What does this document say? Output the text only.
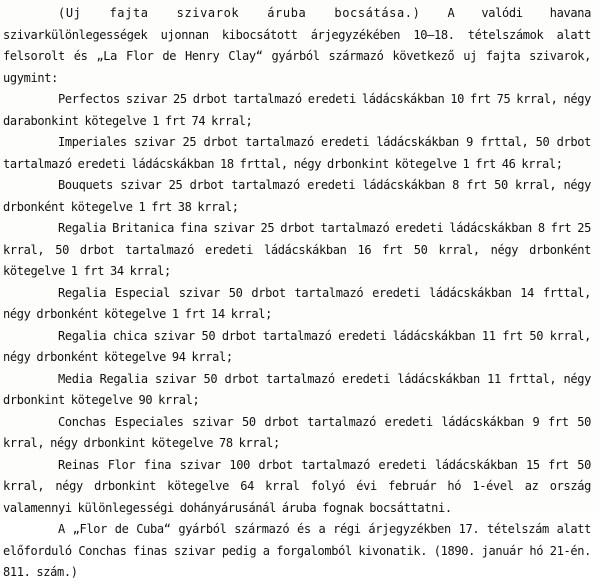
(Uj fajta szivarok áruba bocsátása.) A valódi havana szivarkülönlegességek ujonnan kibocsátott árjegyzékében 10—18. tételszámok alatt felsorolt és „La Flor de Henry Clay“ gyárból származó következő uj fajta szivarok, ugymint:

Perfectos szivar 25 drbot tartalmazó eredeti ládácskákban 10 frt 75 krral, négy darabonkint kötegelve 1 frt 74 krral;

Imperiales szivar 25 drbot tartalmazó eredeti ládácskákban 9 frttal, 50 drbot tartalmazó eredeti ládácskákban 18 frttal, négy drbonkint kötegelve 1 frt 46 krral;

Bouquets szivar 25 drbot tartalmazó eredeti ládácskákban 8 frt 50 krral, négy drbonként kötegelve 1 frt 38 krral;

Regalia Britanica fina szivar 25 drbot tartalmazó eredeti ládácskákban 8 frt 25 krral, 50 drbot tartalmazó eredeti ládácskákban 16 frt 50 krral, négy drbonként kötegelve 1 frt 34 krral;

Regalia Especial szivar 50 drbot tartalmazó eredeti ládácskákban 14 frttal, négy drbonként kötegelve 1 frt 14 krral;

Regalia chica szivar 50 drbot tartalmazó eredeti ládácskákban 11 frt 50 krral, négy drbonként kötegelve 94 krral;

Media Regalia szivar 50 drbot tartalmazó eredeti ládácskákban 11 frttal, négy drbonkint kötegelve 90 krral;

Conchas Especiales szivar 50 drbot tartalmazó eredeti ládácskákban 9 frt 50 krral, négy drbonkint kötegelve 78 krral;

Reinas Flor fina szivar 100 drbot tartalmazó eredeti ládácskákban 15 frt 50 krral, négy drbonkint kötegelve 64 krral folyó évi február hó 1-ével az ország valamennyi különlegességi dohányárusánál áruba fognak bocsáttatni.

A „Flor de Cuba“ gyárból származó és a régi árjegyzékben 17. tételszám alatt előforduló Conchas finas szivar pedig a forgalomból kivonatik. (1890. január hó 21-én. 811. szám.)
